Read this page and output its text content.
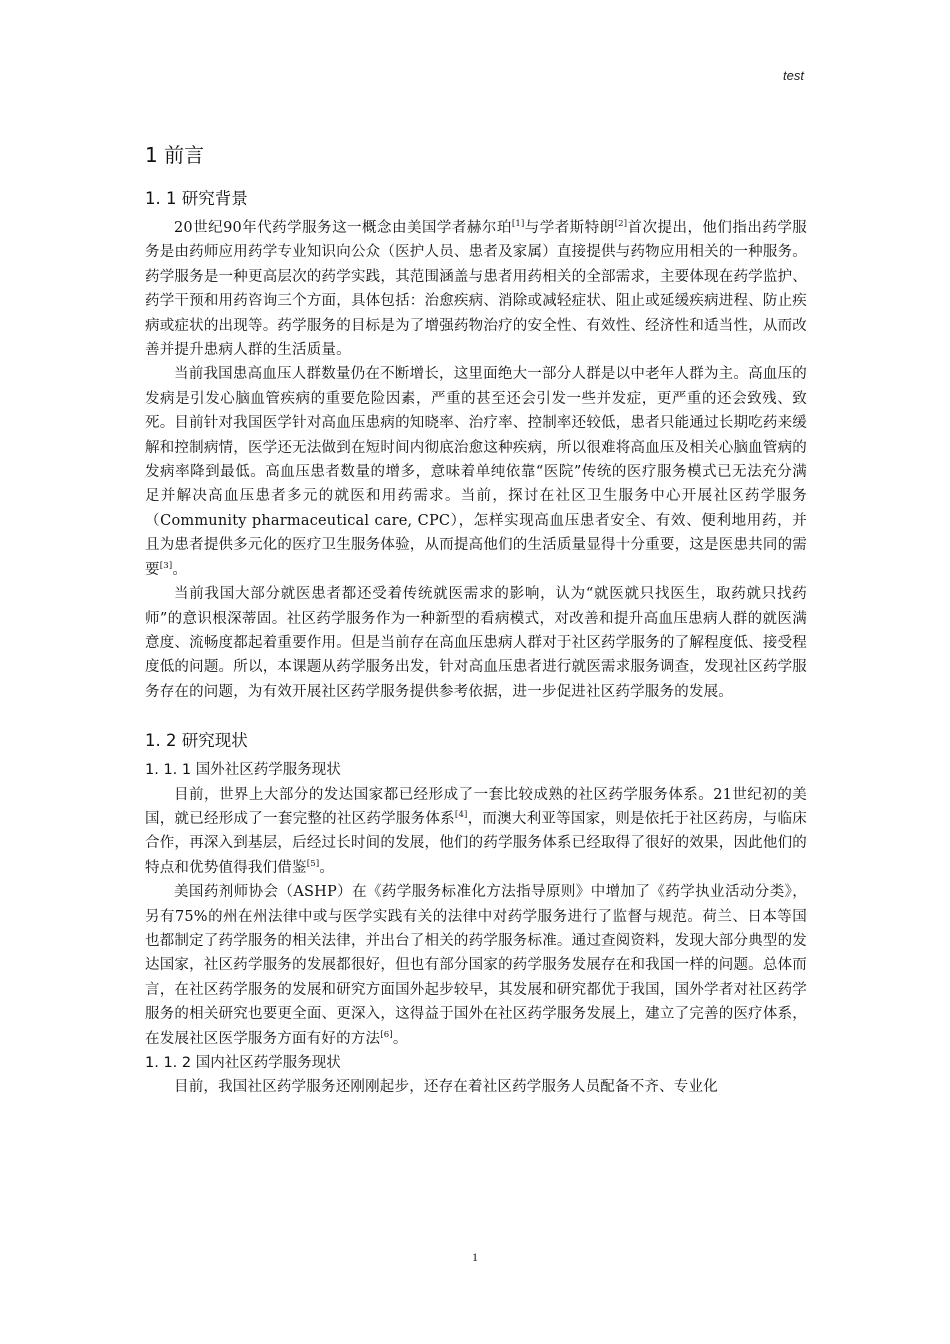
test
1 前言
1. 1 研究背景

20世纪90年代药学服务这一概念由美国学者赫尔珀[1]与学者斯特朗[2]首次提出，他们指出药学服务是由药师应用药学专业知识向公众（医护人员、患者及家属）直接提供与药物应用相关的一种服务。药学服务是一种更高层次的药学实践，其范围涵盖与患者用药相关的全部需求，主要体现在药学监护、药学干预和用药咨询三个方面，具体包括：治愈疾病、消除或减轻症状、阻止或延缓疾病进程、防止疾病或症状的出现等。药学服务的目标是为了增强药物治疗的安全性、有效性、经济性和适当性，从而改善并提升患病人群的生活质量。

当前我国患高血压人群数量仍在不断增长，这里面绝大一部分人群是以中老年人群为主。高血压的发病是引发心脑血管疾病的重要危险因素，严重的甚至还会引发一些并发症，更严重的还会致残、致死。目前针对我国医学针对高血压患病的知晓率、治疗率、控制率还较低，患者只能通过长期吃药来缓解和控制病情，医学还无法做到在短时间内彻底治愈这种疾病，所以很难将高血压及相关心脑血管病的发病率降到最低。高血压患者数量的增多，意味着单纯依靠“医院”传统的医疗服务模式已无法充分满足并解决高血压患者多元的就医和用药需求。当前，探讨在社区卫生服务中心开展社区药学服务（Community pharmaceutical care, CPC），怎样实现高血压患者安全、有效、便利地用药，并且为患者提供多元化的医疗卫生服务体验，从而提高他们的生活质量显得十分重要，这是医患共同的需要[3]。

当前我国大部分就医患者都还受着传统就医需求的影响，认为“就医就只找医生，取药就只找药师”的意识根深蒂固。社区药学服务作为一种新型的看病模式，对改善和提升高血压患病人群的就医满意度、流畅度都起着重要作用。但是当前存在高血压患病人群对于社区药学服务的了解程度低、接受程度低的问题。所以，本课题从药学服务出发，针对高血压患者进行就医需求服务调查，发现社区药学服务存在的问题，为有效开展社区药学服务提供参考依据，进一步促进社区药学服务的发展。

1. 2 研究现状
1. 1. 1 国外社区药学服务现状

目前，世界上大部分的发达国家都已经形成了一套比较成熟的社区药学服务体系。21世纪初的美国，就已经形成了一套完整的社区药学服务体系[4]，而澳大利亚等国家，则是依托于社区药房，与临床合作，再深入到基层，后经过长时间的发展，他们的药学服务体系已经取得了很好的效果，因此他们的特点和优势值得我们借鉴[5]。

美国药剂师协会（ASHP）在《药学服务标准化方法指导原则》中增加了《药学执业活动分类》，另有75%的州在州法律中或与医学实践有关的法律中对药学服务进行了监督与规范。荷兰、日本等国也都制定了药学服务的相关法律，并出台了相关的药学服务标准。通过查阅资料，发现大部分典型的发达国家，社区药学服务的发展都很好，但也有部分国家的药学服务发展存在和我国一样的问题。总体而言，在社区药学服务的发展和研究方面国外起步较早，其发展和研究都优于我国，国外学者对社区药学服务的相关研究也要更全面、更深入，这得益于国外在社区药学服务发展上，建立了完善的医疗体系，在发展社区医学服务方面有好的方法[6]。

1. 1. 2 国内社区药学服务现状

目前，我国社区药学服务还刚刚起步，还存在着社区药学服务人员配备不齐、专业化

1
